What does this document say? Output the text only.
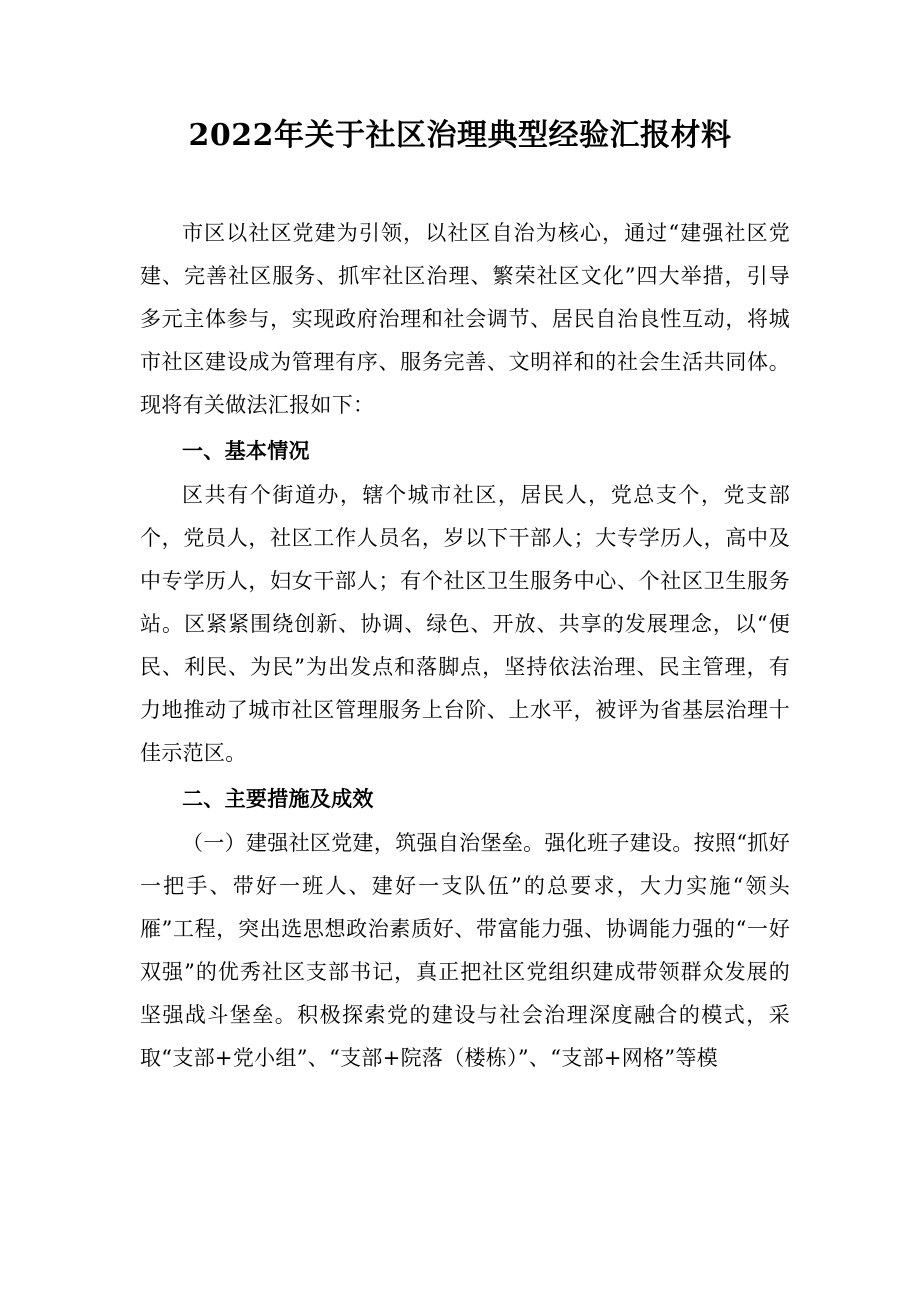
2022年关于社区治理典型经验汇报材料

市区以社区党建为引领，以社区自治为核心，通过“建强社区党建、完善社区服务、抓牢社区治理、繁荣社区文化”四大举措，引导多元主体参与，实现政府治理和社会调节、居民自治良性互动，将城市社区建设成为管理有序、服务完善、文明祥和的社会生活共同体。现将有关做法汇报如下：

一、基本情况

区共有个街道办，辖个城市社区，居民人，党总支个，党支部个，党员人，社区工作人员名，岁以下干部人；大专学历人，高中及中专学历人，妇女干部人；有个社区卫生服务中心、个社区卫生服务站。区紧紧围绕创新、协调、绿色、开放、共享的发展理念，以“便民、利民、为民”为出发点和落脚点，坚持依法治理、民主管理，有力地推动了城市社区管理服务上台阶、上水平，被评为省基层治理十佳示范区。

二、主要措施及成效

（一）建强社区党建，筑强自治堡垒。强化班子建设。按照“抓好一把手、带好一班人、建好一支队伍”的总要求，大力实施“领头雁”工程，突出选思想政治素质好、带富能力强、协调能力强的“一好双强”的优秀社区支部书记，真正把社区党组织建成带领群众发展的坚强战斗堡垒。积极探索党的建设与社会治理深度融合的模式，采取“支部+党小组”、“支部+院落（楼栋）”、“支部+网格”等模
